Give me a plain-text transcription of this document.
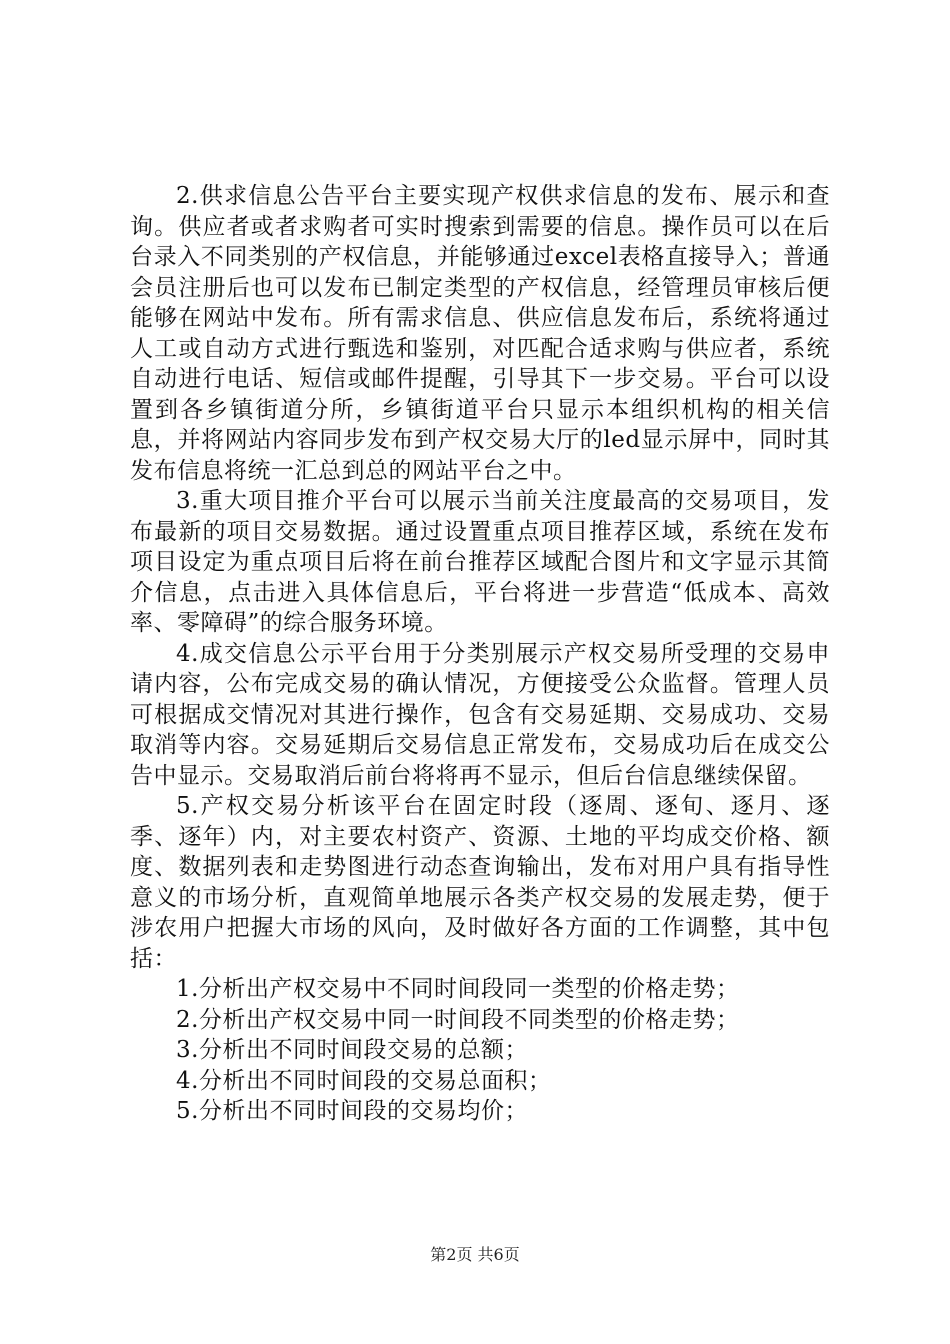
2.供求信息公告平台主要实现产权供求信息的发布、展示和查询。供应者或者求购者可实时搜索到需要的信息。操作员可以在后台录入不同类别的产权信息，并能够通过excel表格直接导入；普通会员注册后也可以发布已制定类型的产权信息，经管理员审核后便能够在网站中发布。所有需求信息、供应信息发布后，系统将通过人工或自动方式进行甄选和鉴别，对匹配合适求购与供应者，系统自动进行电话、短信或邮件提醒，引导其下一步交易。平台可以设置到各乡镇街道分所，乡镇街道平台只显示本组织机构的相关信息，并将网站内容同步发布到产权交易大厅的led显示屏中，同时其发布信息将统一汇总到总的网站平台之中。

3.重大项目推介平台可以展示当前关注度最高的交易项目，发布最新的项目交易数据。通过设置重点项目推荐区域，系统在发布项目设定为重点项目后将在前台推荐区域配合图片和文字显示其简介信息，点击进入具体信息后，平台将进一步营造“低成本、高效率、零障碍”的综合服务环境。

4.成交信息公示平台用于分类别展示产权交易所受理的交易申请内容，公布完成交易的确认情况，方便接受公众监督。管理人员可根据成交情况对其进行操作，包含有交易延期、交易成功、交易取消等内容。交易延期后交易信息正常发布，交易成功后在成交公告中显示。交易取消后前台将将再不显示，但后台信息继续保留。

5.产权交易分析该平台在固定时段（逐周、逐旬、逐月、逐季、逐年）内，对主要农村资产、资源、土地的平均成交价格、额度、数据列表和走势图进行动态查询输出，发布对用户具有指导性意义的市场分析，直观简单地展示各类产权交易的发展走势，便于涉农用户把握大市场的风向，及时做好各方面的工作调整，其中包括：

1.分析出产权交易中不同时间段同一类型的价格走势；

2.分析出产权交易中同一时间段不同类型的价格走势；

3.分析出不同时间段交易的总额；

4.分析出不同时间段的交易总面积；

5.分析出不同时间段的交易均价；

第2页 共6页
